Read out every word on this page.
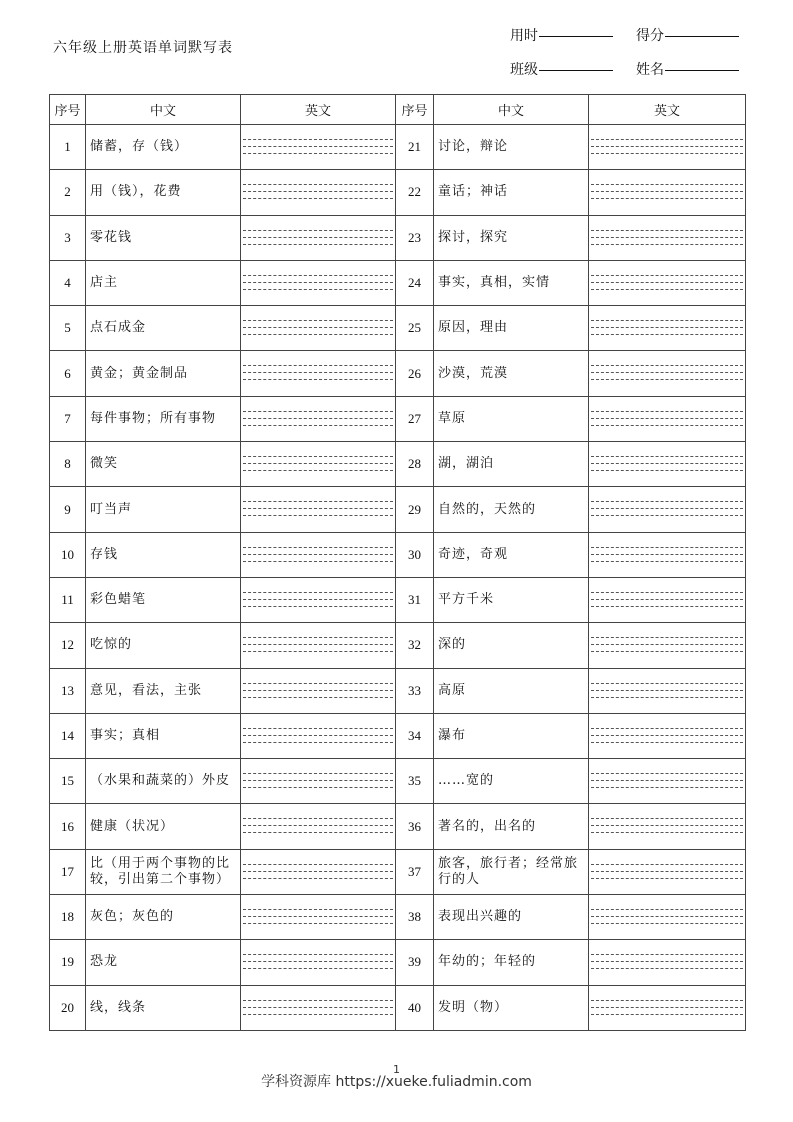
六年级上册英语单词默写表
用时	得分
班级	姓名
序号	中文	英文	序号	中文	英文
1	储蓄，存（钱）		21	讨论，辩论	

2	用（钱），花费		22	童话；神话	

3	零花钱		23	探讨，探究	

4	店主		24	事实，真相，实情	

5	点石成金		25	原因，理由	

6	黄金；黄金制品		26	沙漠，荒漠	

7	每件事物；所有事物		27	草原	

8	微笑		28	湖，湖泊	

9	叮当声		29	自然的，天然的	

10	存钱		30	奇迹，奇观	

11	彩色蜡笔		31	平方千米	

12	吃惊的		32	深的	

13	意见，看法，主张		33	高原	

14	事实；真相		34	瀑布	

15	（水果和蔬菜的）外皮		35	……宽的	

16	健康（状况）		36	著名的，出名的	

17	比（用于两个事物的比较，引出第二个事物）		37	旅客，旅行者；经常旅行的人	

18	灰色；灰色的		38	表现出兴趣的	

19	恐龙		39	年幼的；年轻的	

20	线，线条		40	发明（物）	
1
学科资源库 https://xueke.fuliadmin.com
